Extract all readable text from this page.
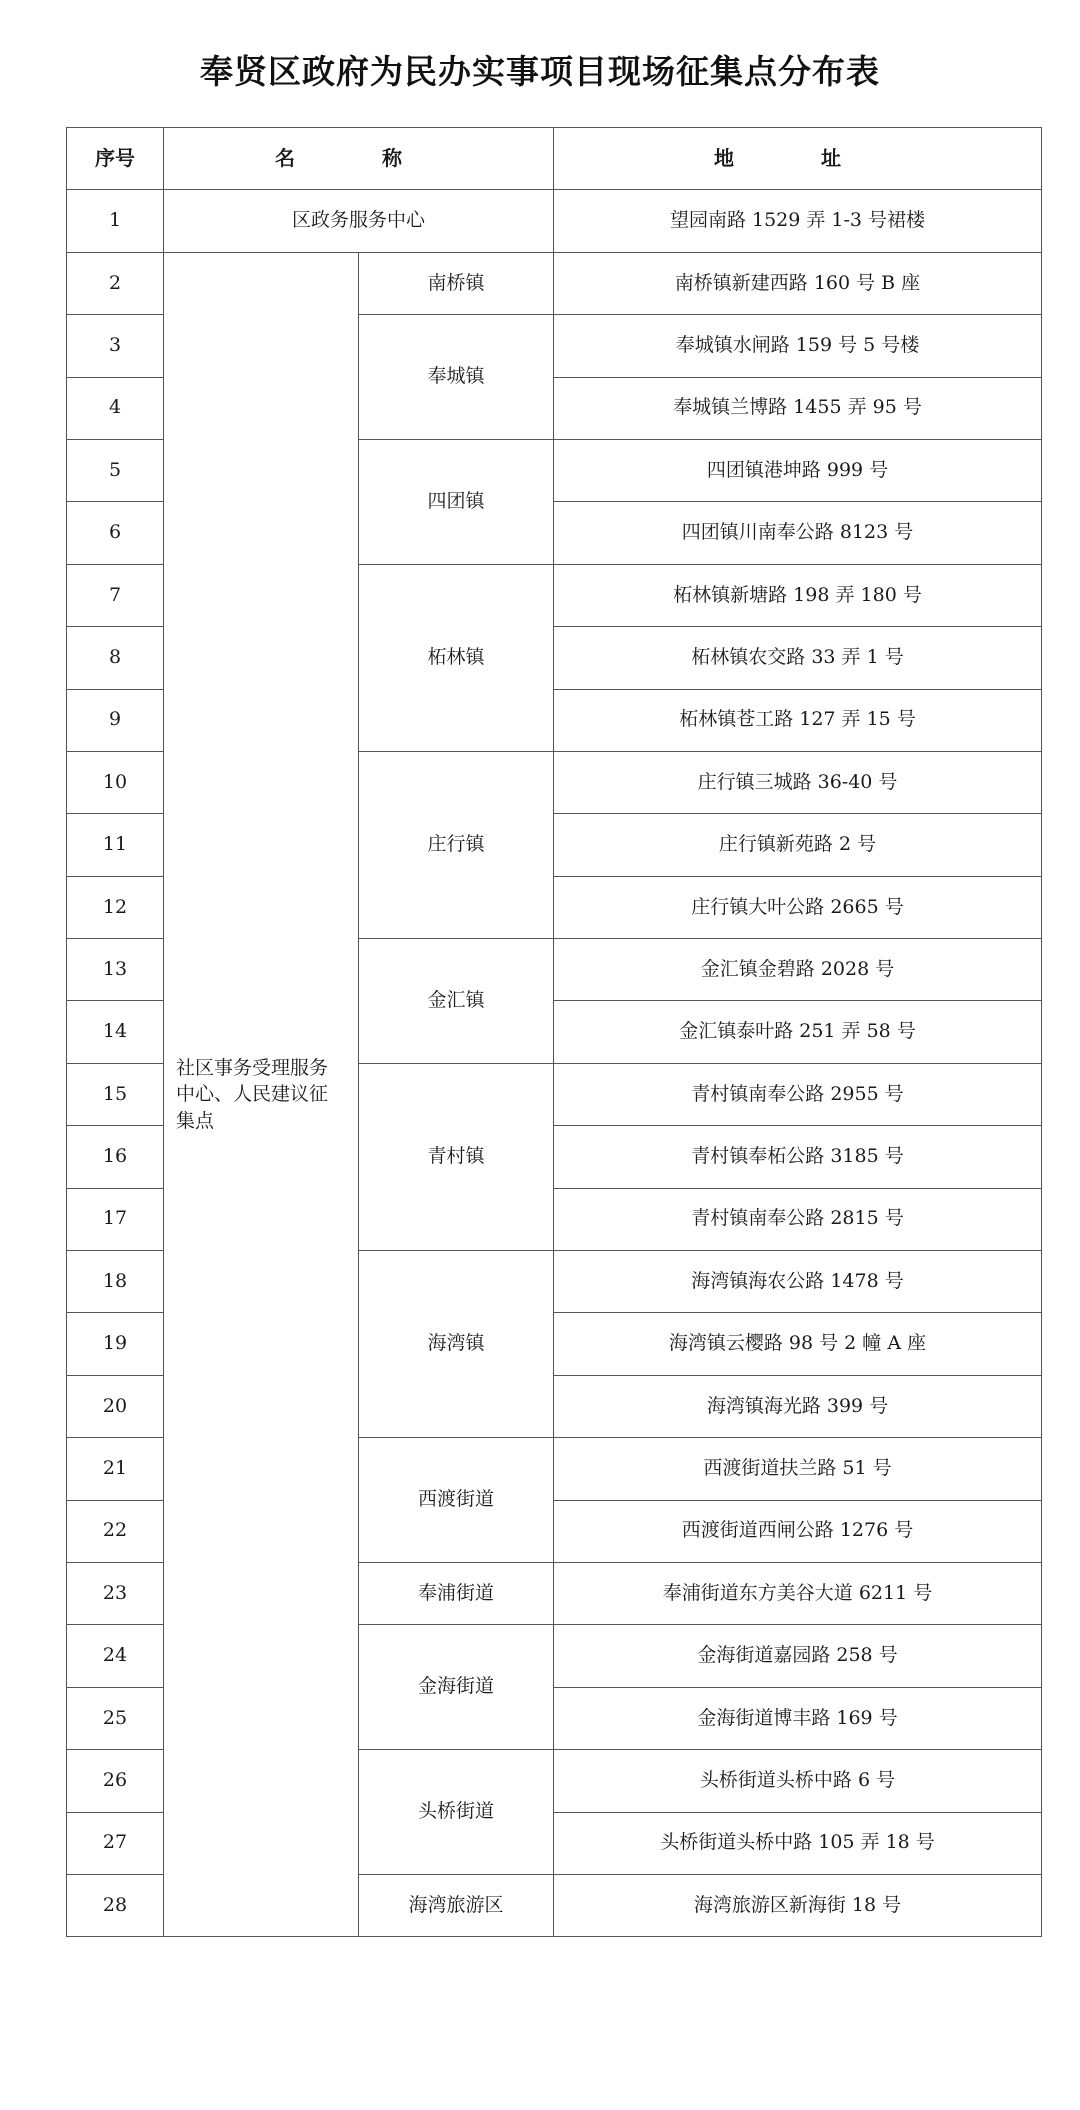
奉贤区政府为民办实事项目现场征集点分布表
序号	名 称		地 址
1	区政务服务中心		望园南路 1529 弄 1-3 号裙楼
2	社区事务受理服务中心、人民建议征集点	南桥镇	南桥镇新建西路 160 号 B 座
3		奉城镇	奉城镇水闸路 159 号 5 号楼
4			奉城镇兰博路 1455 弄 95 号
5		四团镇	四团镇港坤路 999 号
6			四团镇川南奉公路 8123 号
7		柘林镇	柘林镇新塘路 198 弄 180 号
8			柘林镇农交路 33 弄 1 号
9			柘林镇苍工路 127 弄 15 号
10		庄行镇	庄行镇三城路 36-40 号
11			庄行镇新苑路 2 号
12			庄行镇大叶公路 2665 号
13		金汇镇	金汇镇金碧路 2028 号
14			金汇镇泰叶路 251 弄 58 号
15		青村镇	青村镇南奉公路 2955 号
16			青村镇奉柘公路 3185 号
17			青村镇南奉公路 2815 号
18		海湾镇	海湾镇海农公路 1478 号
19			海湾镇云樱路 98 号 2 幢 A 座
20			海湾镇海光路 399 号
21		西渡街道	西渡街道扶兰路 51 号
22			西渡街道西闸公路 1276 号
23		奉浦街道	奉浦街道东方美谷大道 6211 号
24		金海街道	金海街道嘉园路 258 号
25			金海街道博丰路 169 号
26		头桥街道	头桥街道头桥中路 6 号
27			头桥街道头桥中路 105 弄 18 号
28		海湾旅游区	海湾旅游区新海街 18 号
